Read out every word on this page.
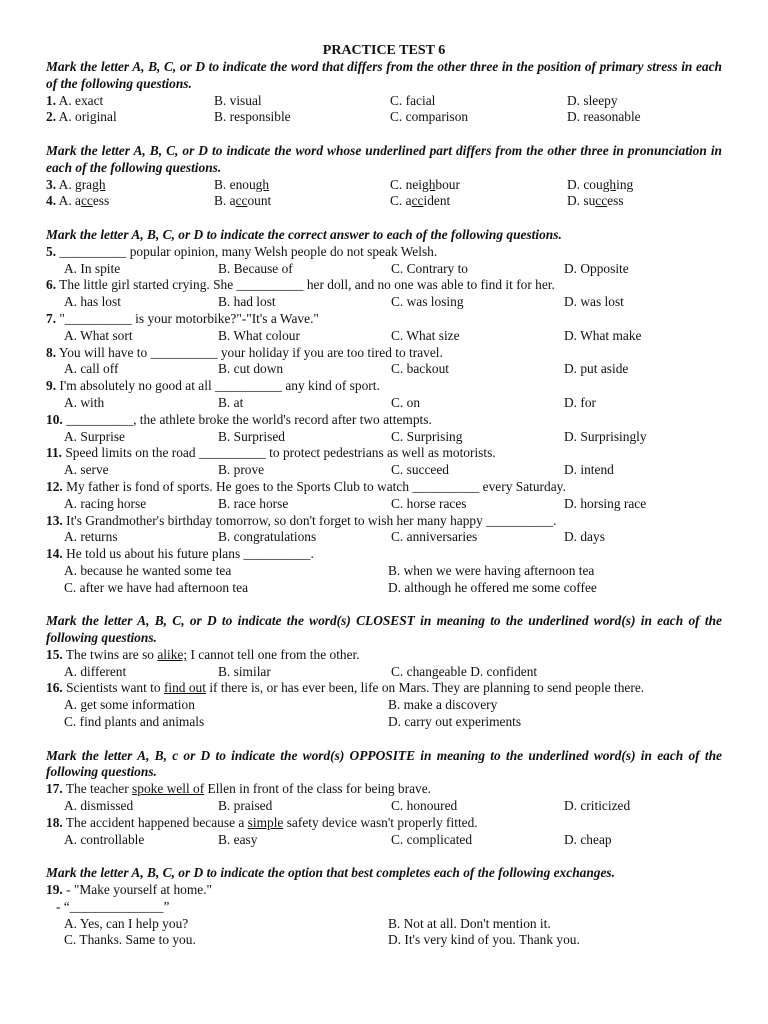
PRACTICE TEST 6
Mark the letter A, B, C, or D to indicate the word that differs from the other three in the position of primary stress in each of the following questions.
1. A. exact	B. visual	C. facial	D. sleepy
2. A. original	B. responsible	C. comparison	D. reasonable
Mark the letter A, B, C, or D to indicate the word whose underlined part differs from the other three in pronunciation in each of the following questions.
3. A. gragh	B. enough	C. neighbour	D. coughing
4. A. access	B. account	C. accident	D. success
Mark the letter A, B, C, or D to indicate the correct answer to each of the following questions.
5. __________ popular opinion, many Welsh people do not speak Welsh.
A. In spite	B. Because of	C. Contrary to	D. Opposite
6. The little girl started crying. She __________ her doll, and no one was able to find it for her.
A. has lost	B. had lost	C. was losing	D. was lost
7. "__________ is your motorbike?"-"It's a Wave."
A. What sort	B. What colour	C. What size	D. What make
8. You will have to __________ your holiday if you are too tired to travel.
A. call off	B. cut down	C. backout	D. put aside
9. I'm absolutely no good at all __________ any kind of sport.
A. with	B. at	C. on	D. for
10. __________, the athlete broke the world's record after two attempts.
A. Surprise	B. Surprised	C. Surprising	D. Surprisingly
11. Speed limits on the road __________ to protect pedestrians as well as motorists.
A. serve	B. prove	C. succeed	D. intend
12. My father is fond of sports. He goes to the Sports Club to watch __________ every Saturday.
A. racing horse	B. race horse	C. horse races	D. horsing race
13. It's Grandmother's birthday tomorrow, so don't forget to wish her many happy __________.
A. returns	B. congratulations	C. anniversaries	D. days
14. He told us about his future plans __________.
A. because he wanted some tea	B. when we were having afternoon tea
C. after we have had afternoon tea	D. although he offered me some coffee
Mark the letter A, B, C, or D to indicate the word(s) CLOSEST in meaning to the underlined word(s) in each of the following questions.
15. The twins are so alike; I cannot tell one from the other.
A. different	B. similar	C. changeable D. confident
16. Scientists want to find out if there is, or has ever been, life on Mars. They are planning to send people there.
A. get some information	B. make a discovery
C. find plants and animals	D. carry out experiments
Mark the letter A, B, c or D to indicate the word(s) OPPOSITE in meaning to the underlined word(s) in each of the following questions.
17. The teacher spoke well of Ellen in front of the class for being brave.
A. dismissed	B. praised	C. honoured	D. criticized
18. The accident happened because a simple safety device wasn't properly fitted.
A. controllable	B. easy	C. complicated	D. cheap
Mark the letter A, B, C, or D to indicate the option that best completes each of the following exchanges.
19. - "Make yourself at home."
- “______________”
A. Yes, can I help you?	B. Not at all. Don't mention it.
C. Thanks. Same to you.	D. It's very kind of you. Thank you.
